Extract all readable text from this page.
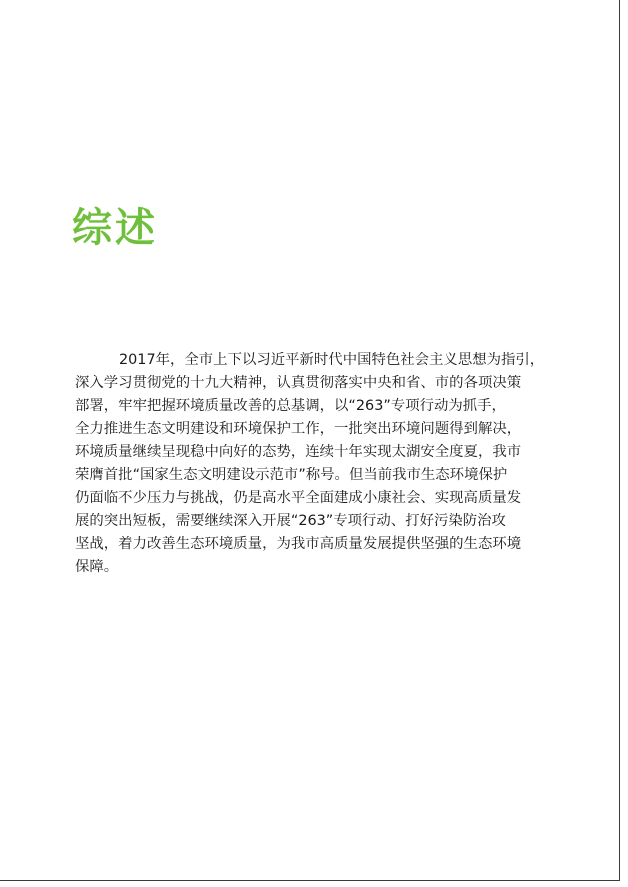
综述
2017年，全市上下以习近平新时代中国特色社会主义思想为指引，
深入学习贯彻党的十九大精神，认真贯彻落实中央和省、市的各项决策
部署，牢牢把握环境质量改善的总基调，以“263”专项行动为抓手，
全力推进生态文明建设和环境保护工作，一批突出环境问题得到解决，
环境质量继续呈现稳中向好的态势，连续十年实现太湖安全度夏，我市
荣膺首批“国家生态文明建设示范市”称号。但当前我市生态环境保护
仍面临不少压力与挑战，仍是高水平全面建成小康社会、实现高质量发
展的突出短板，需要继续深入开展“263”专项行动、打好污染防治攻
坚战，着力改善生态环境质量，为我市高质量发展提供坚强的生态环境
保障。
